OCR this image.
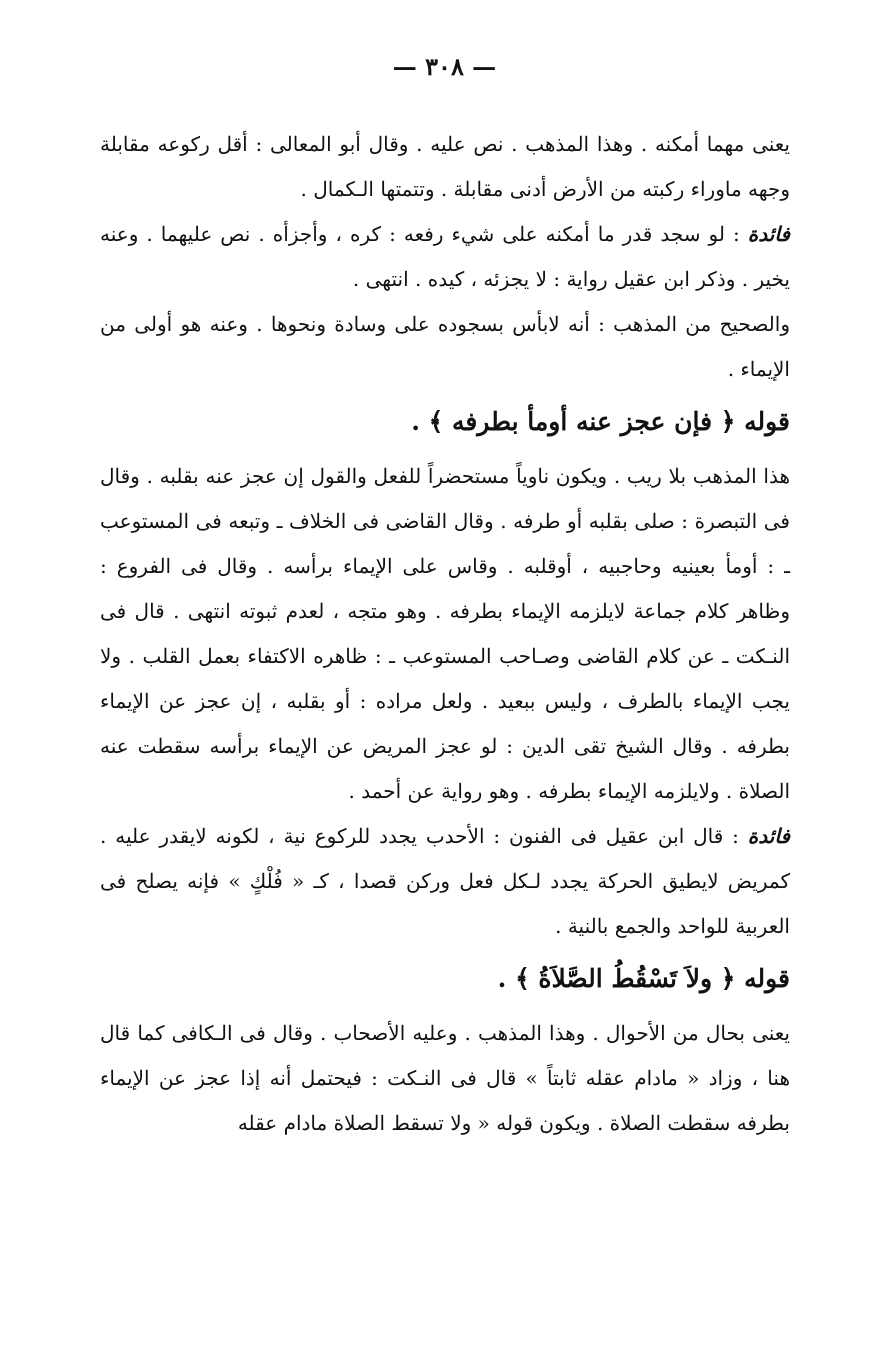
— ٣٠٨ —

يعنى مهما أمكنه . وهذا المذهب . نص عليه . وقال أبو المعالى : أقل ركوعه مقابلة وجهه ماوراء ركبته من الأرض أدنى مقابلة . وتتمتها الـكمال .

فائدة : لو سجد قدر ما أمكنه على شيء رفعه : كره ، وأجزأه . نص عليهما . وعنه يخير . وذكر ابن عقيل رواية : لا يجزئه ، كيده . انتهى .

والصحيح من المذهب : أنه لابأس بسجوده على وسادة ونحوها . وعنه هو أولى من الإيماء .

قوله ﴿ فإن عجز عنه أومأ بطرفه ﴾ .

هذا المذهب بلا ريب . ويكون ناوياً مستحضراً للفعل والقول إن عجز عنه بقلبه . وقال فى التبصرة : صلى بقلبه أو طرفه . وقال القاضى فى الخلاف ـ وتبعه فى المستوعب ـ : أومأ بعينيه وحاجبيه ، أوقلبه . وقاس على الإيماء برأسه . وقال فى الفروع : وظاهر كلام جماعة لايلزمه الإيماء بطرفه . وهو متجه ، لعدم ثبوته انتهى . قال فى النـكت ـ عن كلام القاضى وصـاحب المستوعب ـ : ظاهره الاكتفاء بعمل القلب . ولا يجب الإيماء بالطرف ، وليس ببعيد . ولعل مراده : أو بقلبه ، إن عجز عن الإيماء بطرفه . وقال الشيخ تقى الدين : لو عجز المريض عن الإيماء برأسه سقطت عنه الصلاة . ولايلزمه الإيماء بطرفه . وهو رواية عن أحمد .

فائدة : قال ابن عقيل فى الفنون : الأحدب يجدد للركوع نية ، لكونه لايقدر عليه . كمريض لايطيق الحركة يجدد لـكل فعل وركن قصدا ، كـ « فُلْكٍ » فإنه يصلح فى العربية للواحد والجمع بالنية .

قوله ﴿ ولاَ تَسْقُطُ الصَّلاَةُ ﴾ .

يعنى بحال من الأحوال . وهذا المذهب . وعليه الأصحاب . وقال فى الـكافى كما قال هنا ، وزاد « مادام عقله ثابتاً » قال فى النـكت : فيحتمل أنه إذا عجز عن الإيماء بطرفه سقطت الصلاة . ويكون قوله « ولا تسقط الصلاة مادام عقله
